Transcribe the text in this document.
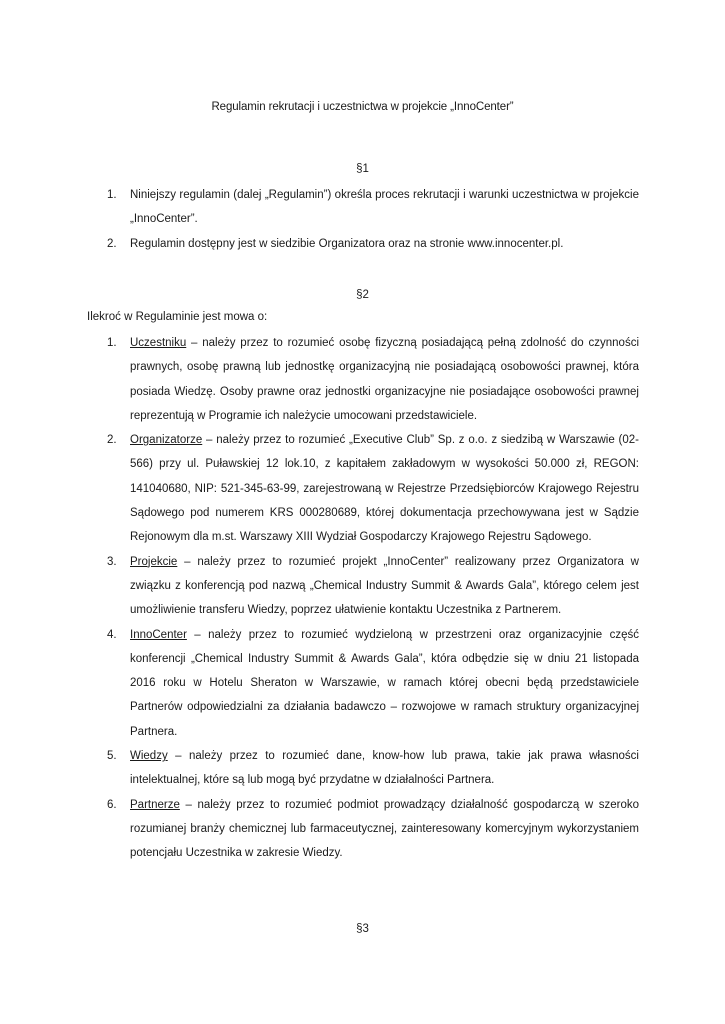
Regulamin rekrutacji i uczestnictwa w projekcie „InnoCenter”
§1
1. Niniejszy regulamin (dalej „Regulamin”) określa proces rekrutacji i warunki uczestnictwa w projekcie „InnoCenter”.
2. Regulamin dostępny jest w siedzibie Organizatora oraz na stronie www.innocenter.pl.
§2
Ilekroć w Regulaminie jest mowa o:
1. Uczestniku – należy przez to rozumieć osobę fizyczną posiadającą pełną zdolność do czynności prawnych, osobę prawną lub jednostkę organizacyjną nie posiadającą osobowości prawnej, która posiada Wiedzę. Osoby prawne oraz jednostki organizacyjne nie posiadające osobowości prawnej reprezentują w Programie ich należycie umocowani przedstawiciele.
2. Organizatorze – należy przez to rozumieć „Executive Club” Sp. z o.o. z siedzibą w Warszawie (02-566) przy ul. Puławskiej 12 lok.10, z kapitałem zakładowym w wysokości 50.000 zł, REGON: 141040680, NIP: 521-345-63-99, zarejestrowaną w Rejestrze Przedsiębiorców Krajowego Rejestru Sądowego pod numerem KRS 000280689, której dokumentacja przechowywana jest w Sądzie Rejonowym dla m.st. Warszawy XIII Wydział Gospodarczy Krajowego Rejestru Sądowego.
3. Projekcie – należy przez to rozumieć projekt „InnoCenter” realizowany przez Organizatora w związku z konferencją pod nazwą „Chemical Industry Summit & Awards Gala”, którego celem jest umożliwienie transferu Wiedzy, poprzez ułatwienie kontaktu Uczestnika z Partnerem.
4. InnoCenter – należy przez to rozumieć wydzieloną w przestrzeni oraz organizacyjnie część konferencji „Chemical Industry Summit & Awards Gala”, która odbędzie się w dniu 21 listopada 2016 roku w Hotelu Sheraton w Warszawie, w ramach której obecni będą przedstawiciele Partnerów odpowiedzialni za działania badawczo – rozwojowe w ramach struktury organizacyjnej Partnera.
5. Wiedzy – należy przez to rozumieć dane, know-how lub prawa, takie jak prawa własności intelektualnej, które są lub mogą być przydatne w działalności Partnera.
6. Partnerze – należy przez to rozumieć podmiot prowadzący działalność gospodarczą w szeroko rozumianej branży chemicznej lub farmaceutycznej, zainteresowany komercyjnym wykorzystaniem potencjału Uczestnika w zakresie Wiedzy.
§3
